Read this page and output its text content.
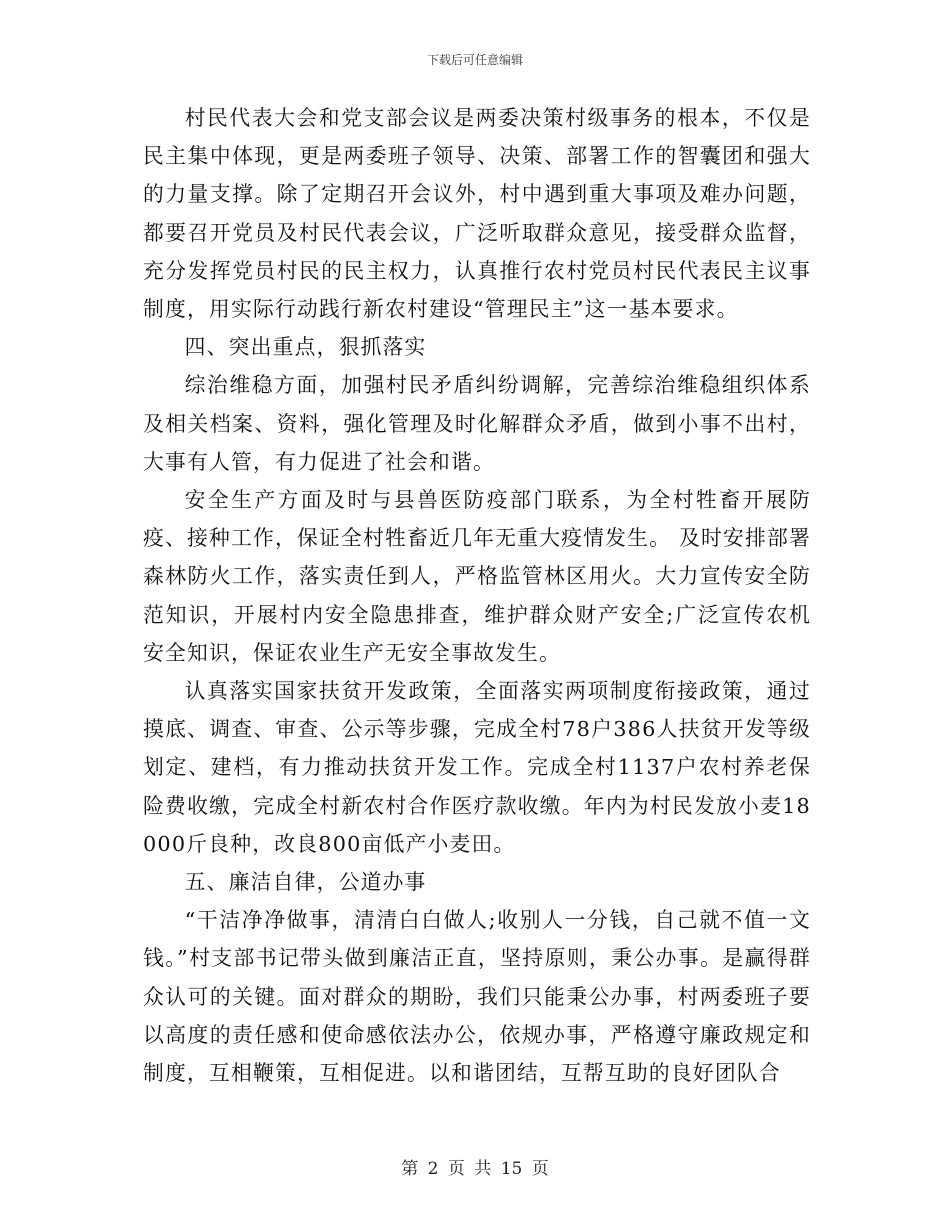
下载后可任意编辑

村民代表大会和党支部会议是两委决策村级事务的根本，不仅是民主集中体现，更是两委班子领导、决策、部署工作的智囊团和强大的力量支撑。除了定期召开会议外，村中遇到重大事项及难办问题，都要召开党员及村民代表会议，广泛听取群众意见，接受群众监督，充分发挥党员村民的民主权力，认真推行农村党员村民代表民主议事制度，用实际行动践行新农村建设“管理民主”这一基本要求。

四、突出重点，狠抓落实

综治维稳方面，加强村民矛盾纠纷调解，完善综治维稳组织体系及相关档案、资料，强化管理及时化解群众矛盾，做到小事不出村，大事有人管，有力促进了社会和谐。

安全生产方面及时与县兽医防疫部门联系，为全村牲畜开展防疫、接种工作，保证全村牲畜近几年无重大疫情发生。 及时安排部署森林防火工作，落实责任到人，严格监管林区用火。大力宣传安全防范知识，开展村内安全隐患排查，维护群众财产安全;广泛宣传农机安全知识，保证农业生产无安全事故发生。

认真落实国家扶贫开发政策，全面落实两项制度衔接政策，通过摸底、调查、审查、公示等步骤，完成全村78户386人扶贫开发等级划定、建档，有力推动扶贫开发工作。完成全村1137户农村养老保险费收缴，完成全村新农村合作医疗款收缴。年内为村民发放小麦18000斤良种，改良800亩低产小麦田。

五、廉洁自律，公道办事

“干洁净净做事，清清白白做人;收别人一分钱，自己就不值一文钱。”村支部书记带头做到廉洁正直，坚持原则，秉公办事。是赢得群众认可的关键。面对群众的期盼，我们只能秉公办事，村两委班子要以高度的责任感和使命感依法办公，依规办事，严格遵守廉政规定和制度，互相鞭策，互相促进。以和谐团结，互帮互助的良好团队合

第 2 页 共 15 页
